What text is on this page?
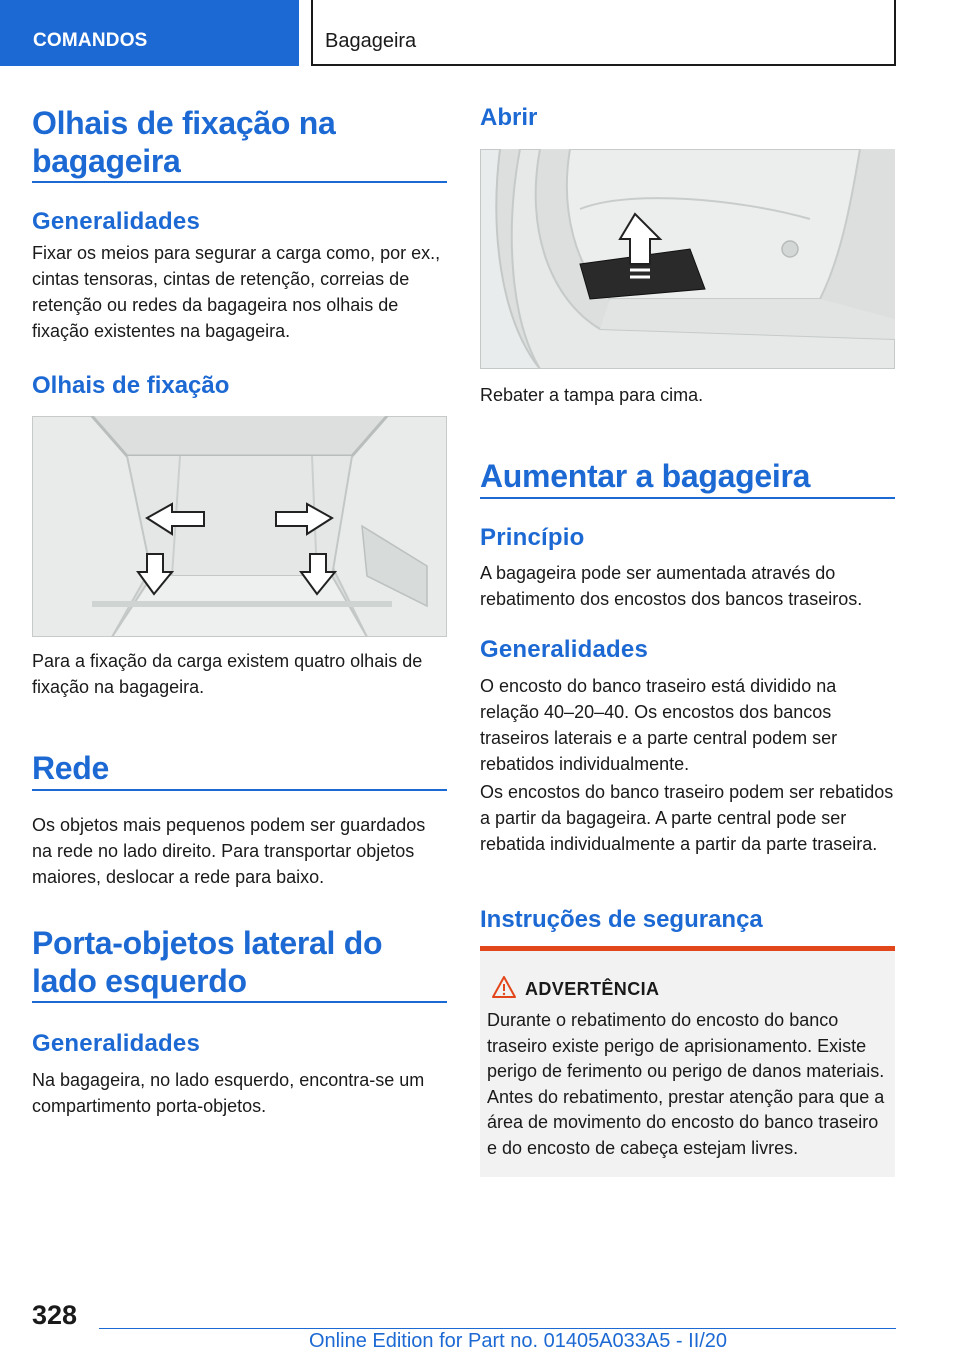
COMANDOS	Bagageira
Olhais de fixação na bagageira
Generalidades
Fixar os meios para segurar a carga como, por ex., cintas tensoras, cintas de retenção, correias de retenção ou redes da bagageira nos olhais de fixação existentes na bagageira.
Olhais de fixação
Para a fixação da carga existem quatro olhais de fixação na bagageira.
Rede
Os objetos mais pequenos podem ser guardados na rede no lado direito. Para transportar objetos maiores, deslocar a rede para baixo.
Porta-objetos lateral do lado esquerdo
Generalidades
Na bagageira, no lado esquerdo, encontra-se um compartimento porta-objetos.
Abrir
Rebater a tampa para cima.
Aumentar a bagageira
Princípio
A bagageira pode ser aumentada através do rebatimento dos encostos dos bancos traseiros.
Generalidades
O encosto do banco traseiro está dividido na relação 40–20–40. Os encostos dos bancos traseiros laterais e a parte central podem ser rebatidos individualmente.
Os encostos do banco traseiro podem ser rebatidos a partir da bagageira. A parte central pode ser rebatida individualmente a partir da parte traseira.
Instruções de segurança
ADVERTÊNCIA
Durante o rebatimento do encosto do banco traseiro existe perigo de aprisionamento. Existe perigo de ferimento ou perigo de danos materiais. Antes do rebatimento, prestar atenção para que a área de movimento do encosto do banco traseiro e do encosto de cabeça estejam livres.
328
Online Edition for Part no. 01405A033A5 - II/20
